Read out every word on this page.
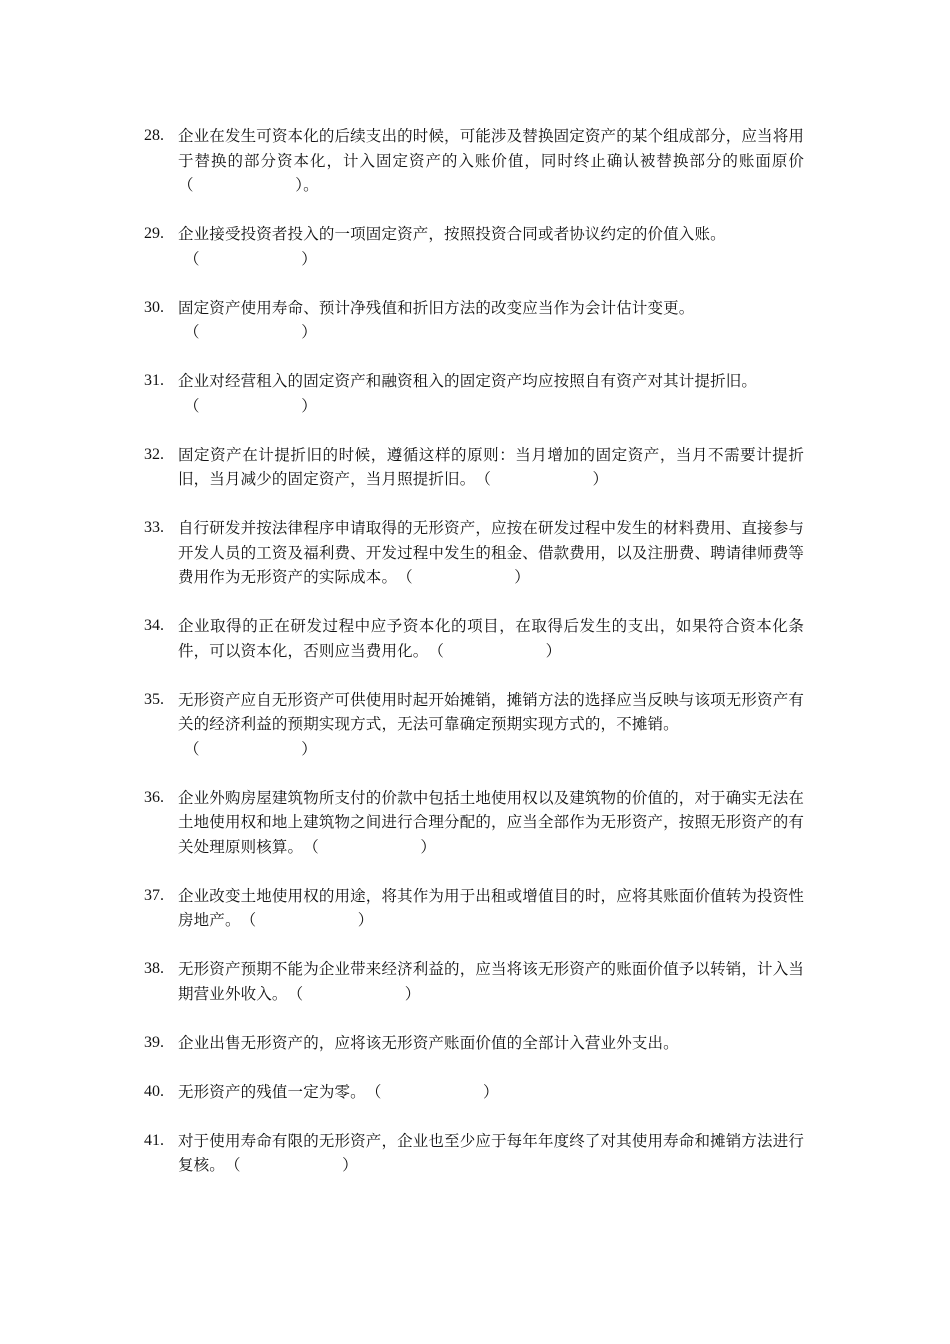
28. 企业在发生可资本化的后续支出的时候，可能涉及替换固定资产的某个组成部分，应当将用于替换的部分资本化，计入固定资产的入账价值，同时终止确认被替换部分的账面原价（                    ）。
29. 企业接受投资者投入的一项固定资产，按照投资合同或者协议约定的价值入账。
（                    ）
30. 固定资产使用寿命、预计净残值和折旧方法的改变应当作为会计估计变更。
（                    ）
31. 企业对经营租入的固定资产和融资租入的固定资产均应按照自有资产对其计提折旧。
（                    ）
32. 固定资产在计提折旧的时候，遵循这样的原则：当月增加的固定资产，当月不需要计提折旧，当月减少的固定资产，当月照提折旧。（                    ）
33. 自行研发并按法律程序申请取得的无形资产，应按在研发过程中发生的材料费用、直接参与开发人员的工资及福利费、开发过程中发生的租金、借款费用，以及注册费、聘请律师费等费用作为无形资产的实际成本。（                    ）
34. 企业取得的正在研发过程中应予资本化的项目，在取得后发生的支出，如果符合资本化条件，可以资本化，否则应当费用化。（                    ）
35. 无形资产应自无形资产可供使用时起开始摊销，摊销方法的选择应当反映与该项无形资产有关的经济利益的预期实现方式，无法可靠确定预期实现方式的，不摊销。
（                    ）
36. 企业外购房屋建筑物所支付的价款中包括土地使用权以及建筑物的价值的，对于确实无法在土地使用权和地上建筑物之间进行合理分配的，应当全部作为无形资产，按照无形资产的有关处理原则核算。（                    ）
37. 企业改变土地使用权的用途，将其作为用于出租或增值目的时，应将其账面价值转为投资性房地产。（                    ）
38. 无形资产预期不能为企业带来经济利益的，应当将该无形资产的账面价值予以转销，计入当期营业外收入。（                    ）
39. 企业出售无形资产的，应将该无形资产账面价值的全部计入营业外支出。
40. 无形资产的残值一定为零。（                    ）
41. 对于使用寿命有限的无形资产，企业也至少应于每年年度终了对其使用寿命和摊销方法进行复核。（                    ）
